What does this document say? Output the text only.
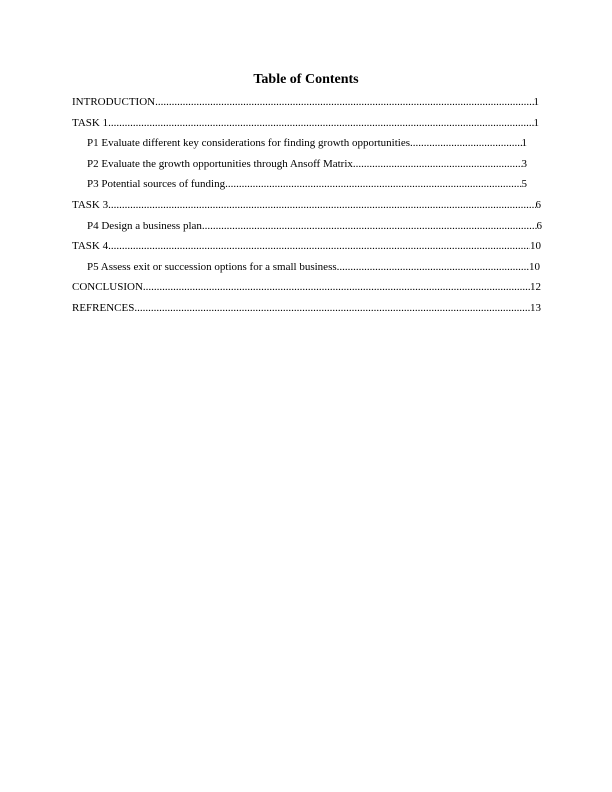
Table of Contents
INTRODUCTION .....	1
TASK 1 .....	1
P1 Evaluate different key considerations for finding growth opportunities .....	1
P2 Evaluate the growth opportunities through Ansoff Matrix .....	3
P3 Potential sources of funding .....	5
TASK 3 .....	6
P4 Design a business plan .....	6
TASK 4 .....	10
P5 Assess exit or succession options for a small business .....	10
CONCLUSION .....	12
REFRENCES .....	13
